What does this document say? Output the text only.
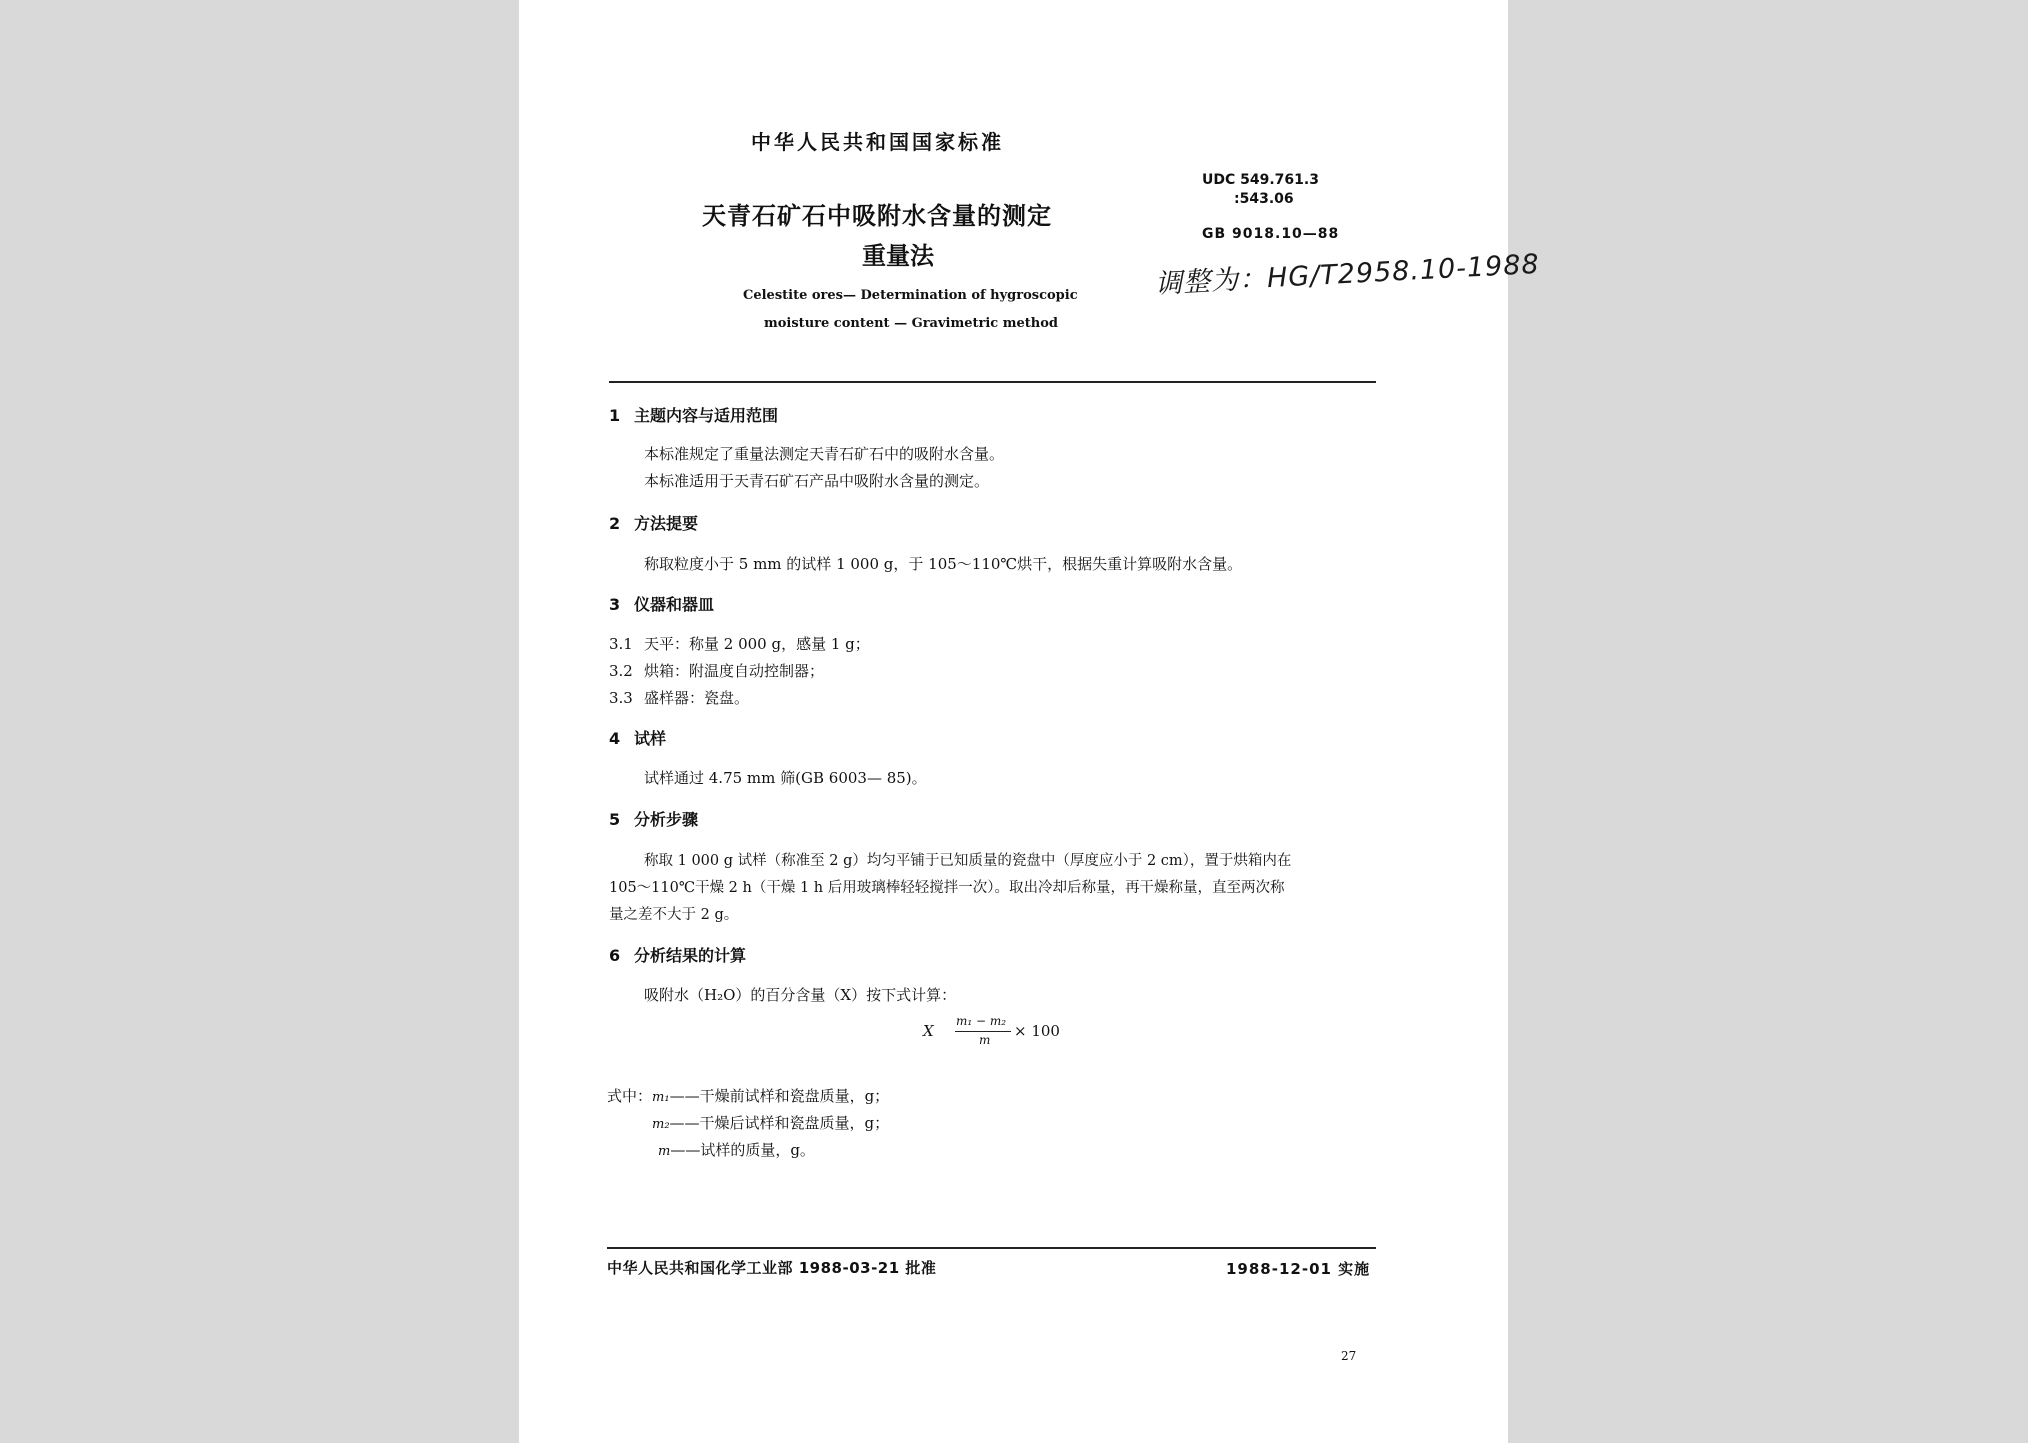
中华人民共和国国家标准
天青石矿石中吸附水含量的测定
重量法
Celestite ores— Determination of hygroscopic
moisture content — Gravimetric method
UDC 549.761.3
:543.06
GB 9018.10—88
调整为：HG/T2958.10-1988
1 主题内容与适用范围
本标准规定了重量法测定天青石矿石中的吸附水含量。
本标准适用于天青石矿石产品中吸附水含量的测定。
2 方法提要
称取粒度小于 5 mm 的试样 1 000 g，于 105～110℃烘干，根据失重计算吸附水含量。
3 仪器和器皿
3.1 天平：称量 2 000 g，感量 1 g；
3.2 烘箱：附温度自动控制器；
3.3 盛样器：瓷盘。
4 试样
试样通过 4.75 mm 筛(GB 6003— 85)。
5 分析步骤
称取 1 000 g 试样（称准至 2 g）均匀平铺于已知质量的瓷盘中（厚度应小于 2 cm），置于烘箱内在
105～110℃干燥 2 h（干燥 1 h 后用玻璃棒轻轻搅拌一次）。取出冷却后称量，再干燥称量，直至两次称
量之差不大于 2 g。
6 分析结果的计算
吸附水（H₂O）的百分含量（X）按下式计算：
X
m₁ − m₂
m × 100
式中：m₁——干燥前试样和瓷盘质量，g；
m₂——干燥后试样和瓷盘质量，g；
m——试样的质量，g。
中华人民共和国化学工业部 1988-03-21 批准	1988-12-01 实施
27
